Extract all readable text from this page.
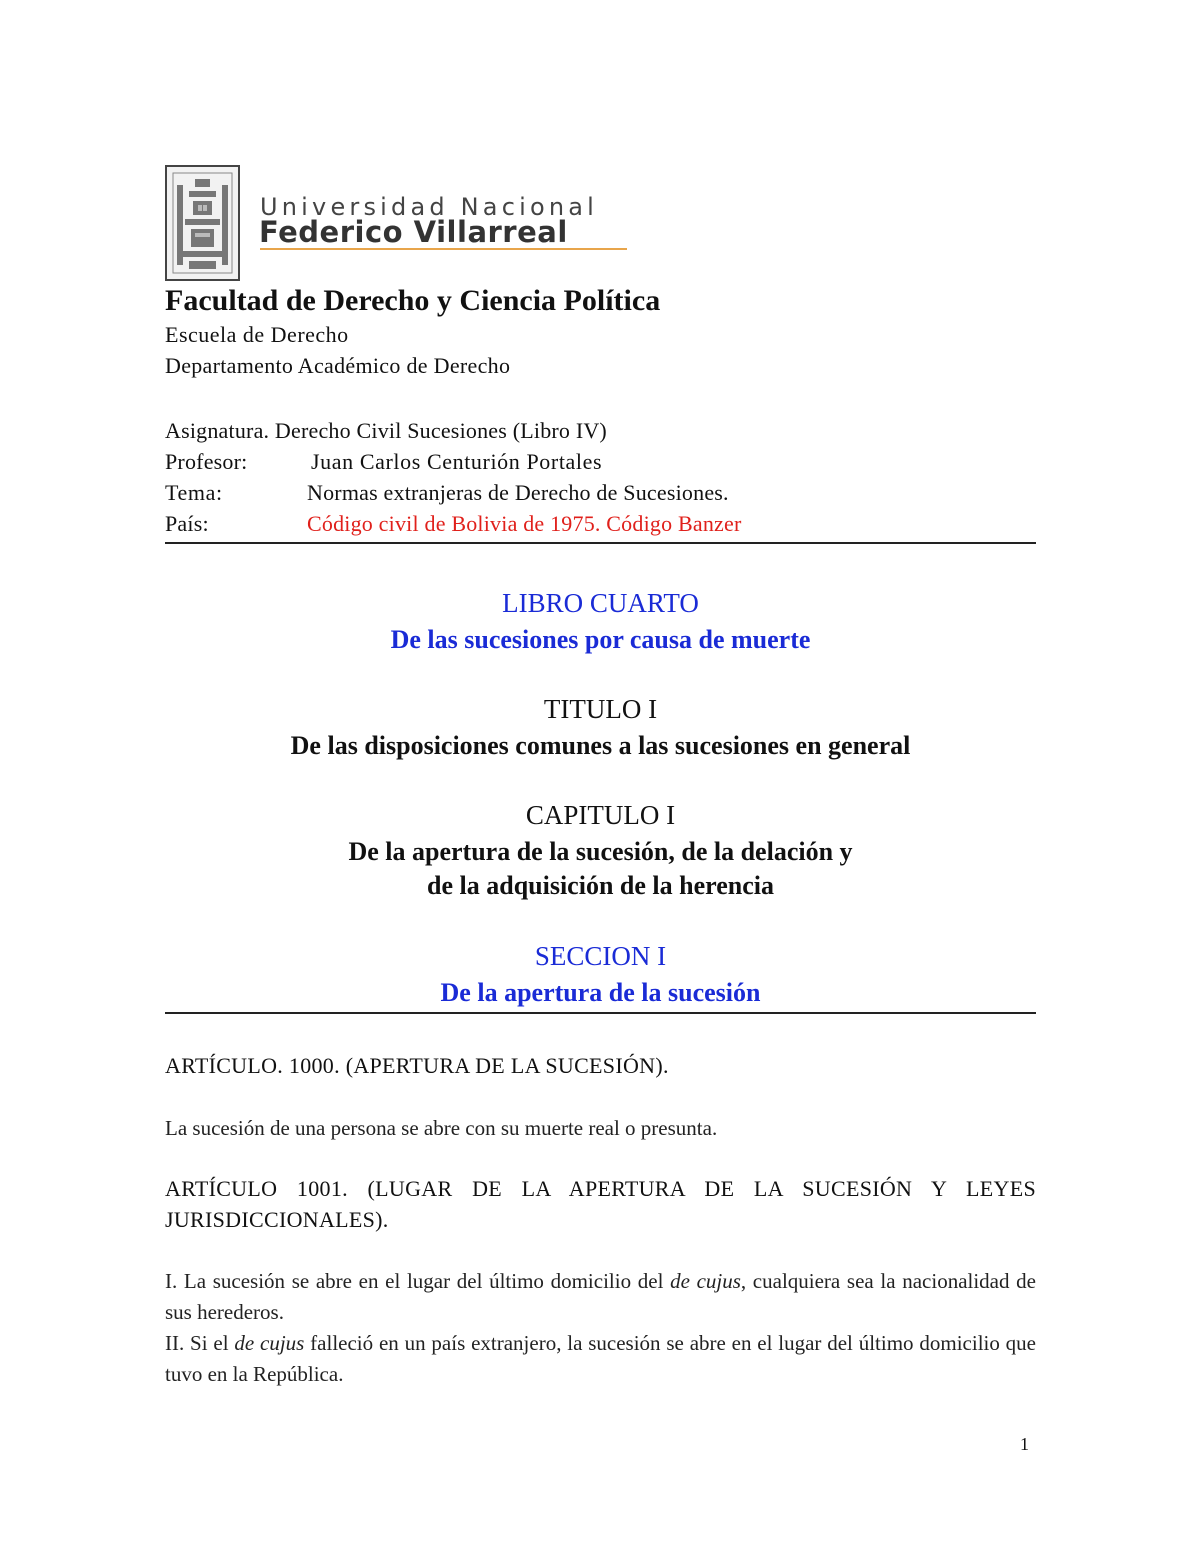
Universidad Nacional
Federico Villarreal
Facultad de Derecho y Ciencia Política
Escuela de Derecho
Departamento Académico de Derecho
Asignatura. Derecho Civil Sucesiones (Libro IV)
Profesor:	Juan Carlos Centurión Portales
Tema:	Normas extranjeras de Derecho de Sucesiones.
País:	Código civil de Bolivia de 1975. Código Banzer
LIBRO CUARTO
De las sucesiones por causa de muerte
TITULO I
De las disposiciones comunes a las sucesiones en general
CAPITULO I
De la apertura de la sucesión, de la delación y
de la adquisición de la herencia
SECCION I
De la apertura de la sucesión
ARTÍCULO. 1000. (APERTURA DE LA SUCESIÓN).
La sucesión de una persona se abre con su muerte real o presunta.
ARTÍCULO 1001. (LUGAR DE LA APERTURA DE LA SUCESIÓN Y LEYES JURISDICCIONALES).
I. La sucesión se abre en el lugar del último domicilio del de cujus, cualquiera sea la nacionalidad de sus herederos.
II. Si el de cujus falleció en un país extranjero, la sucesión se abre en el lugar del último domicilio que tuvo en la República.
1
